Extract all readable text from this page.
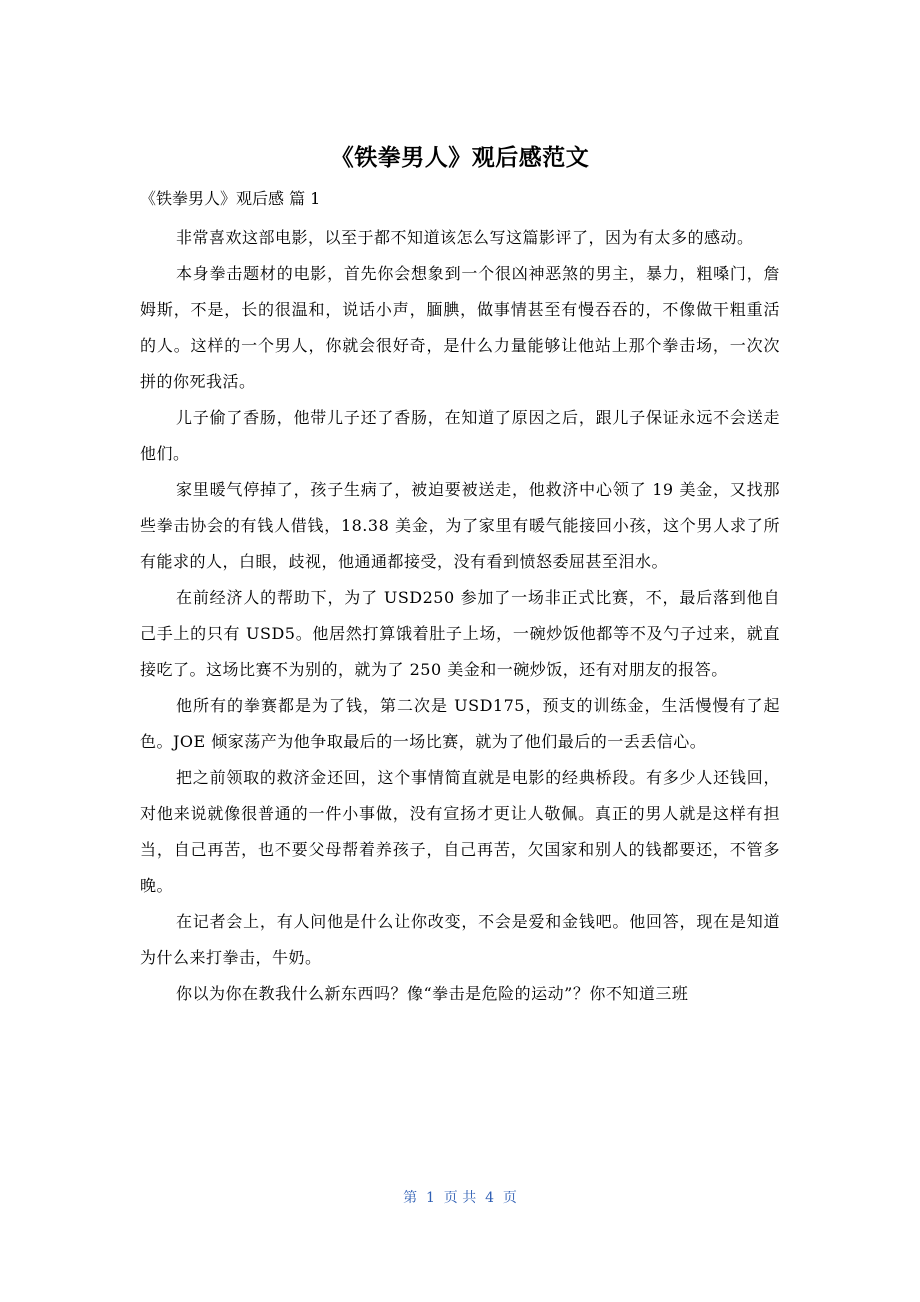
《铁拳男人》观后感范文
《铁拳男人》观后感 篇 1

非常喜欢这部电影，以至于都不知道该怎么写这篇影评了，因为有太多的感动。

本身拳击题材的电影，首先你会想象到一个很凶神恶煞的男主，暴力，粗嗓门，詹姆斯，不是，长的很温和，说话小声，腼腆，做事情甚至有慢吞吞的，不像做干粗重活的人。这样的一个男人，你就会很好奇，是什么力量能够让他站上那个拳击场，一次次拼的你死我活。

儿子偷了香肠，他带儿子还了香肠，在知道了原因之后，跟儿子保证永远不会送走他们。

家里暖气停掉了，孩子生病了，被迫要被送走，他救济中心领了 19 美金，又找那些拳击协会的有钱人借钱，18.38 美金，为了家里有暖气能接回小孩，这个男人求了所有能求的人，白眼，歧视，他通通都接受，没有看到愤怒委屈甚至泪水。

在前经济人的帮助下，为了 USD250 参加了一场非正式比赛，不，最后落到他自己手上的只有 USD5。他居然打算饿着肚子上场，一碗炒饭他都等不及勺子过来，就直接吃了。这场比赛不为别的，就为了 250 美金和一碗炒饭，还有对朋友的报答。

他所有的拳赛都是为了钱，第二次是 USD175，预支的训练金，生活慢慢有了起色。JOE 倾家荡产为他争取最后的一场比赛，就为了他们最后的一丢丢信心。

把之前领取的救济金还回，这个事情简直就是电影的经典桥段。有多少人还钱回，对他来说就像很普通的一件小事做，没有宣扬才更让人敬佩。真正的男人就是这样有担当，自己再苦，也不要父母帮着养孩子，自己再苦，欠国家和别人的钱都要还，不管多晚。

在记者会上，有人问他是什么让你改变，不会是爱和金钱吧。他回答，现在是知道为什么来打拳击，牛奶。

你以为你在教我什么新东西吗？像“拳击是危险的运动”？你不知道三班

第  1  页 共  4  页
